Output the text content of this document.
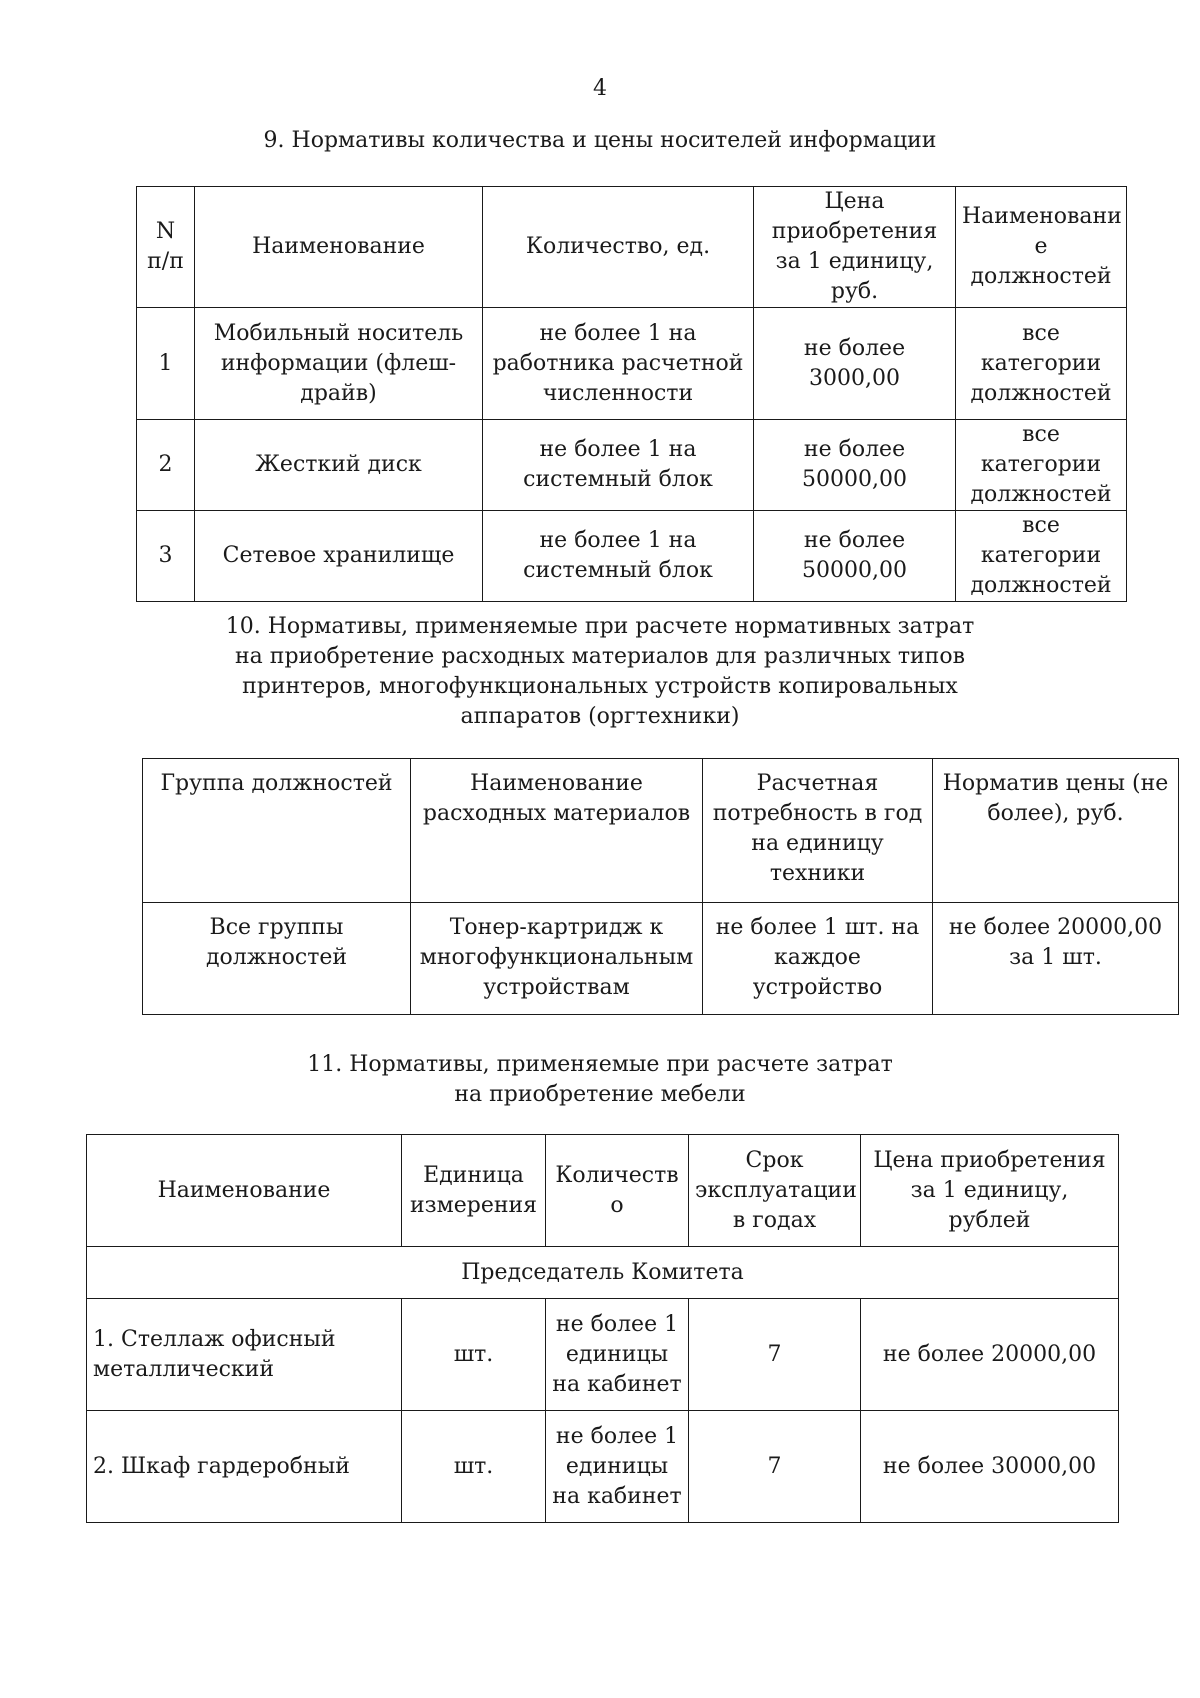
4
9. Нормативы количества и цены носителей информации
N п/п	Наименование	Количество, ед.	Цена приобретения за 1 единицу, руб.	Наименовани е должностей
1	Мобильный носитель информации (флеш-драйв)	не более 1 на работника расчетной численности	не более 3000,00	все категории должностей
2	Жесткий диск	не более 1 на системный блок	не более 50000,00	все категории должностей
3	Сетевое хранилище	не более 1 на системный блок	не более 50000,00	все категории должностей
10. Нормативы, применяемые при расчете нормативных затрат
на приобретение расходных материалов для различных типов
принтеров, многофункциональных устройств копировальных
аппаратов (оргтехники)
Группа должностей	Наименование расходных материалов	Расчетная потребность в год на единицу техники	Норматив цены (не более), руб.
Все группы должностей	Тонер-картридж к многофункциональным устройствам	не более 1 шт. на каждое устройство	не более 20000,00 за 1 шт.
11. Нормативы, применяемые при расчете затрат
на приобретение мебели
Наименование	Единица измерения	Количеств о	Срок эксплуатации в годах	Цена приобретения за 1 единицу, рублей
Председатель Комитета				
1. Стеллаж офисный металлический	шт.	не более 1 единицы на кабинет	7	не более 20000,00
2. Шкаф гардеробный	шт.	не более 1 единицы на кабинет	7	не более 30000,00
